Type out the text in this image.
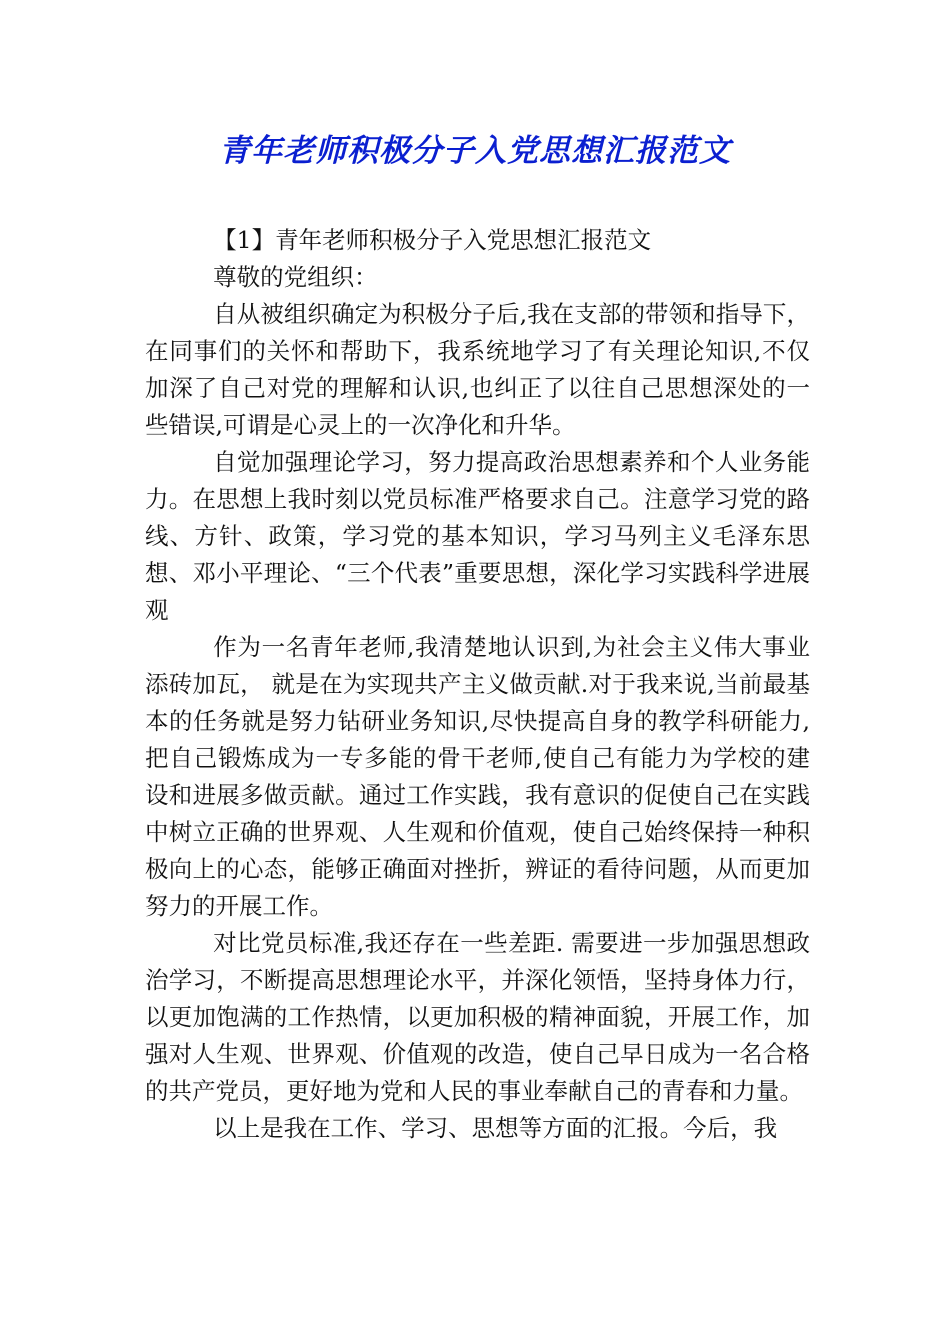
青年老师积极分子入党思想汇报范文

【1】青年老师积极分子入党思想汇报范文

尊敬的党组织：

自从被组织确定为积极分子后,我在支部的带领和指导下，在同事们的关怀和帮助下，我系统地学习了有关理论知识,不仅加深了自己对党的理解和认识,也纠正了以往自己思想深处的一些错误,可谓是心灵上的一次净化和升华。

自觉加强理论学习，努力提高政治思想素养和个人业务能力。在思想上我时刻以党员标准严格要求自己。注意学习党的路线、方针、政策，学习党的基本知识，学习马列主义毛泽东思想、邓小平理论、“三个代表”重要思想，深化学习实践科学进展观

作为一名青年老师,我清楚地认识到,为社会主义伟大事业添砖加瓦， 就是在为实现共产主义做贡献.对于我来说,当前最基本的任务就是努力钻研业务知识,尽快提高自身的教学科研能力,把自己锻炼成为一专多能的骨干老师,使自己有能力为学校的建设和进展多做贡献。通过工作实践，我有意识的促使自己在实践中树立正确的世界观、人生观和价值观，使自己始终保持一种积极向上的心态，能够正确面对挫折，辨证的看待问题，从而更加努力的开展工作。

对比党员标准,我还存在一些差距. 需要进一步加强思想政治学习，不断提高思想理论水平，并深化领悟，坚持身体力行，以更加饱满的工作热情，以更加积极的精神面貌，开展工作，加强对人生观、世界观、价值观的改造，使自己早日成为一名合格的共产党员，更好地为党和人民的事业奉献自己的青春和力量。

以上是我在工作、学习、思想等方面的汇报。今后，我
